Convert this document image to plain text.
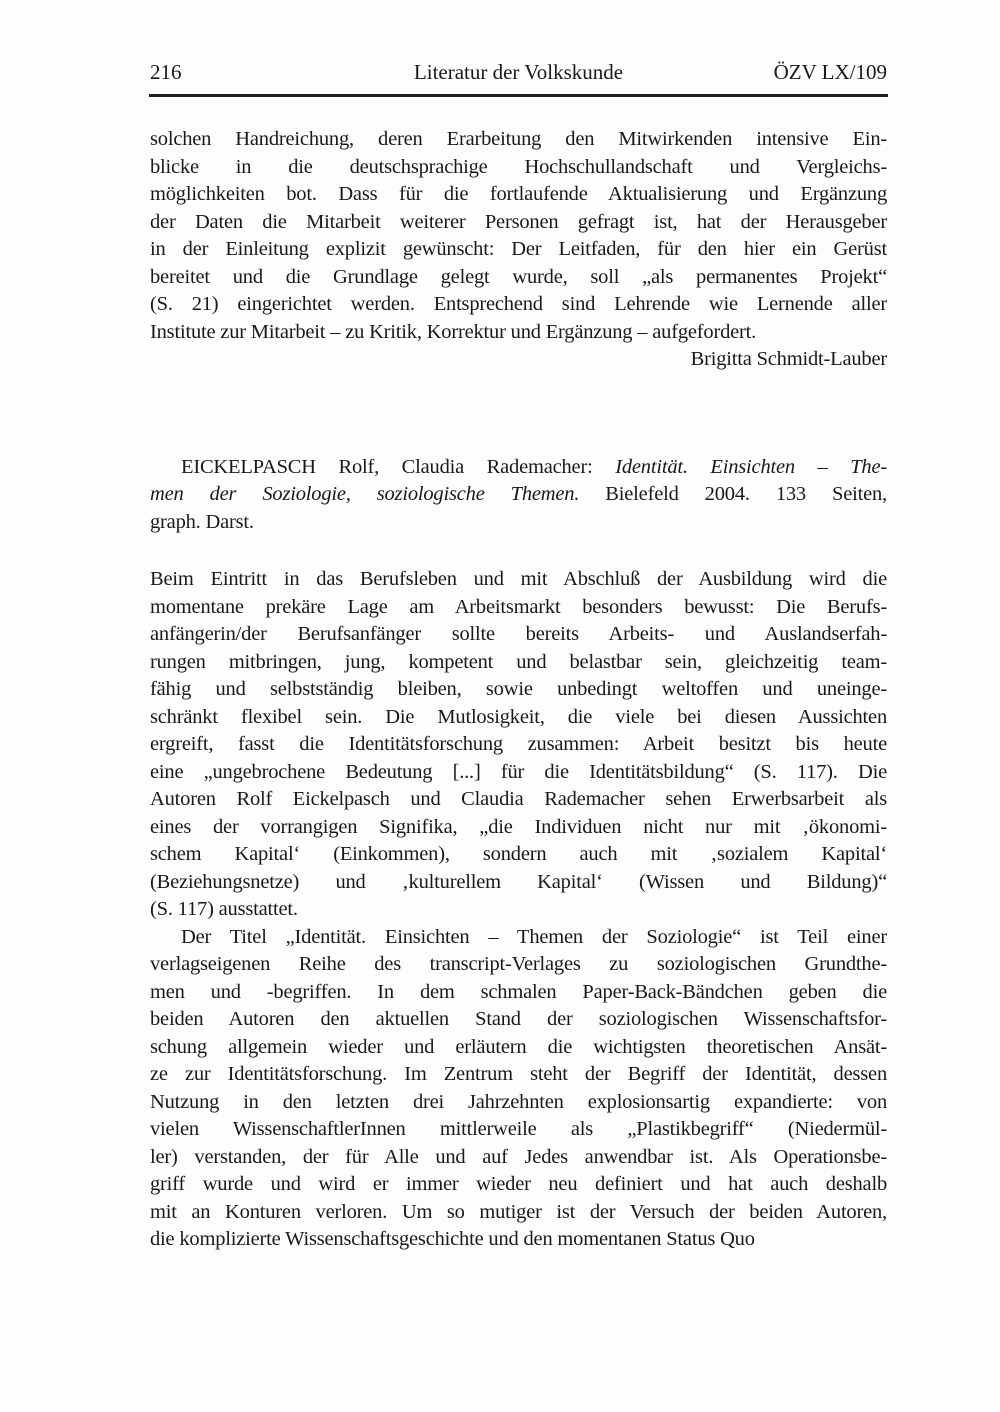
216	Literatur der Volkskunde	ÖZV LX/109
solchen Handreichung, deren Erarbeitung den Mitwirkenden intensive Ein-
blicke in die deutschsprachige Hochschullandschaft und Vergleichs-
möglichkeiten bot. Dass für die fortlaufende Aktualisierung und Ergänzung
der Daten die Mitarbeit weiterer Personen gefragt ist, hat der Herausgeber
in der Einleitung explizit gewünscht: Der Leitfaden, für den hier ein Gerüst
bereitet und die Grundlage gelegt wurde, soll „als permanentes Projekt“
(S. 21) eingerichtet werden. Entsprechend sind Lehrende wie Lernende aller
Institute zur Mitarbeit – zu Kritik, Korrektur und Ergänzung – aufgefordert.
Brigitta Schmidt-Lauber
EICKELPASCH Rolf, Claudia Rademacher: Identität. Einsichten – The-
men der Soziologie, soziologische Themen. Bielefeld 2004. 133 Seiten,
graph. Darst.
Beim Eintritt in das Berufsleben und mit Abschluß der Ausbildung wird die
momentane prekäre Lage am Arbeitsmarkt besonders bewusst: Die Berufs-
anfängerin/der Berufsanfänger sollte bereits Arbeits- und Auslandserfah-
rungen mitbringen, jung, kompetent und belastbar sein, gleichzeitig team-
fähig und selbstständig bleiben, sowie unbedingt weltoffen und uneinge-
schränkt flexibel sein. Die Mutlosigkeit, die viele bei diesen Aussichten
ergreift, fasst die Identitätsforschung zusammen: Arbeit besitzt bis heute
eine „ungebrochene Bedeutung [...] für die Identitätsbildung“ (S. 117). Die
Autoren Rolf Eickelpasch und Claudia Rademacher sehen Erwerbsarbeit als
eines der vorrangigen Signifika, „die Individuen nicht nur mit ‚ökonomi-
schem Kapital‘ (Einkommen), sondern auch mit ‚sozialem Kapital‘
(Beziehungsnetze) und ‚kulturellem Kapital‘ (Wissen und Bildung)“
(S. 117) ausstattet.
Der Titel „Identität. Einsichten – Themen der Soziologie“ ist Teil einer
verlagseigenen Reihe des transcript-Verlages zu soziologischen Grundthe-
men und -begriffen. In dem schmalen Paper-Back-Bändchen geben die
beiden Autoren den aktuellen Stand der soziologischen Wissenschaftsfor-
schung allgemein wieder und erläutern die wichtigsten theoretischen Ansät-
ze zur Identitätsforschung. Im Zentrum steht der Begriff der Identität, dessen
Nutzung in den letzten drei Jahrzehnten explosionsartig expandierte: von
vielen WissenschaftlerInnen mittlerweile als „Plastikbegriff“ (Niedermül-
ler) verstanden, der für Alle und auf Jedes anwendbar ist. Als Operationsbe-
griff wurde und wird er immer wieder neu definiert und hat auch deshalb
mit an Konturen verloren. Um so mutiger ist der Versuch der beiden Autoren,
die komplizierte Wissenschaftsgeschichte und den momentanen Status Quo
